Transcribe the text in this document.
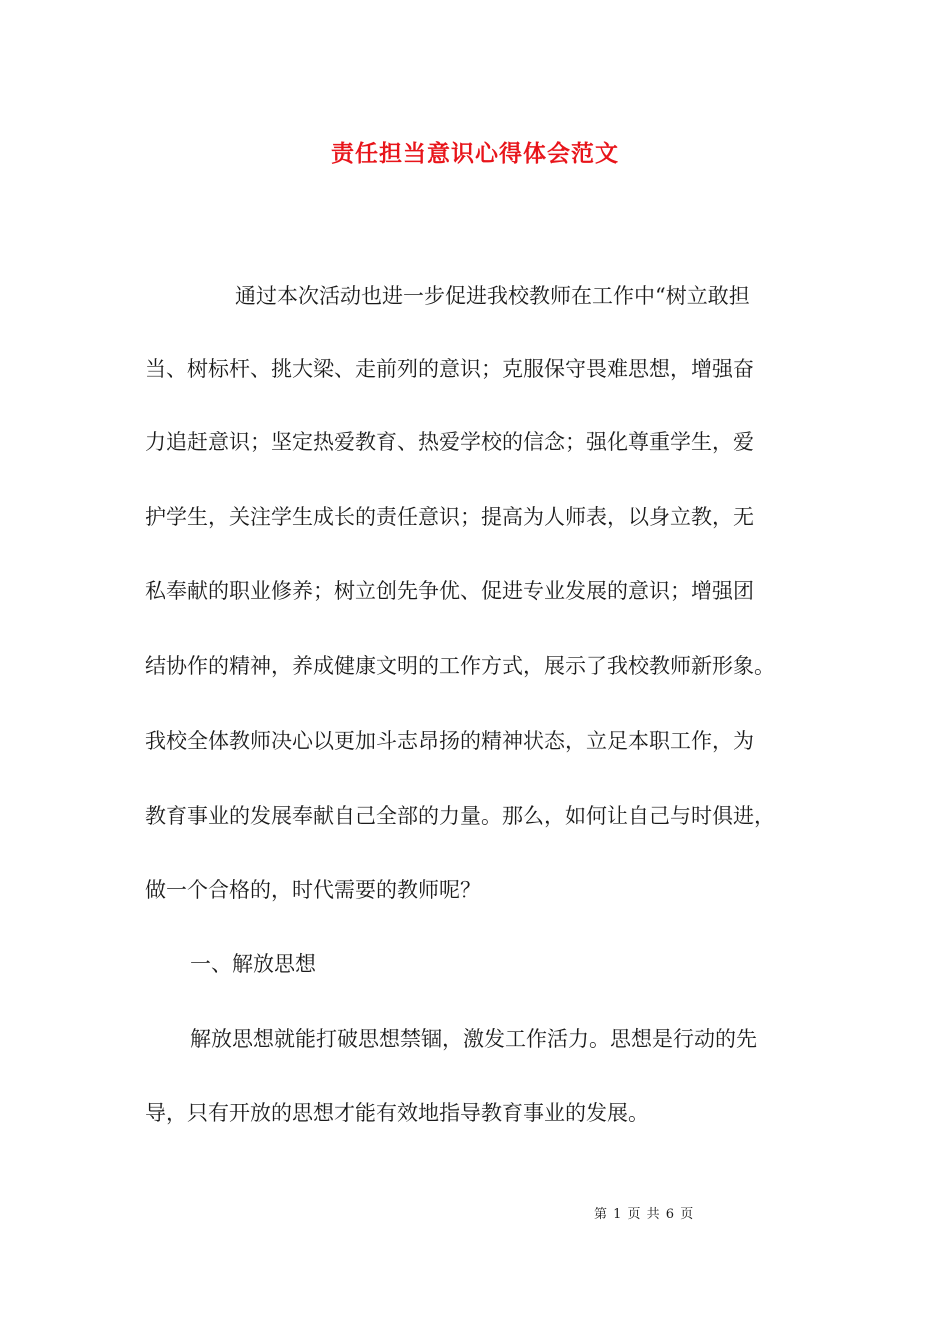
责任担当意识心得体会范文
通过本次活动也进一步促进我校教师在工作中“树立敢担
当、树标杆、挑大梁、走前列的意识；克服保守畏难思想，增强奋
力追赶意识；坚定热爱教育、热爱学校的信念；强化尊重学生，爱
护学生，关注学生成长的责任意识；提高为人师表，以身立教，无
私奉献的职业修养；树立创先争优、促进专业发展的意识；增强团
结协作的精神，养成健康文明的工作方式，展示了我校教师新形象。
我校全体教师决心以更加斗志昂扬的精神状态，立足本职工作，为
教育事业的发展奉献自己全部的力量。那么，如何让自己与时俱进，
做一个合格的，时代需要的教师呢？
一、解放思想
解放思想就能打破思想禁锢，激发工作活力。思想是行动的先
导，只有开放的思想才能有效地指导教育事业的发展。
第 1 页 共 6 页
